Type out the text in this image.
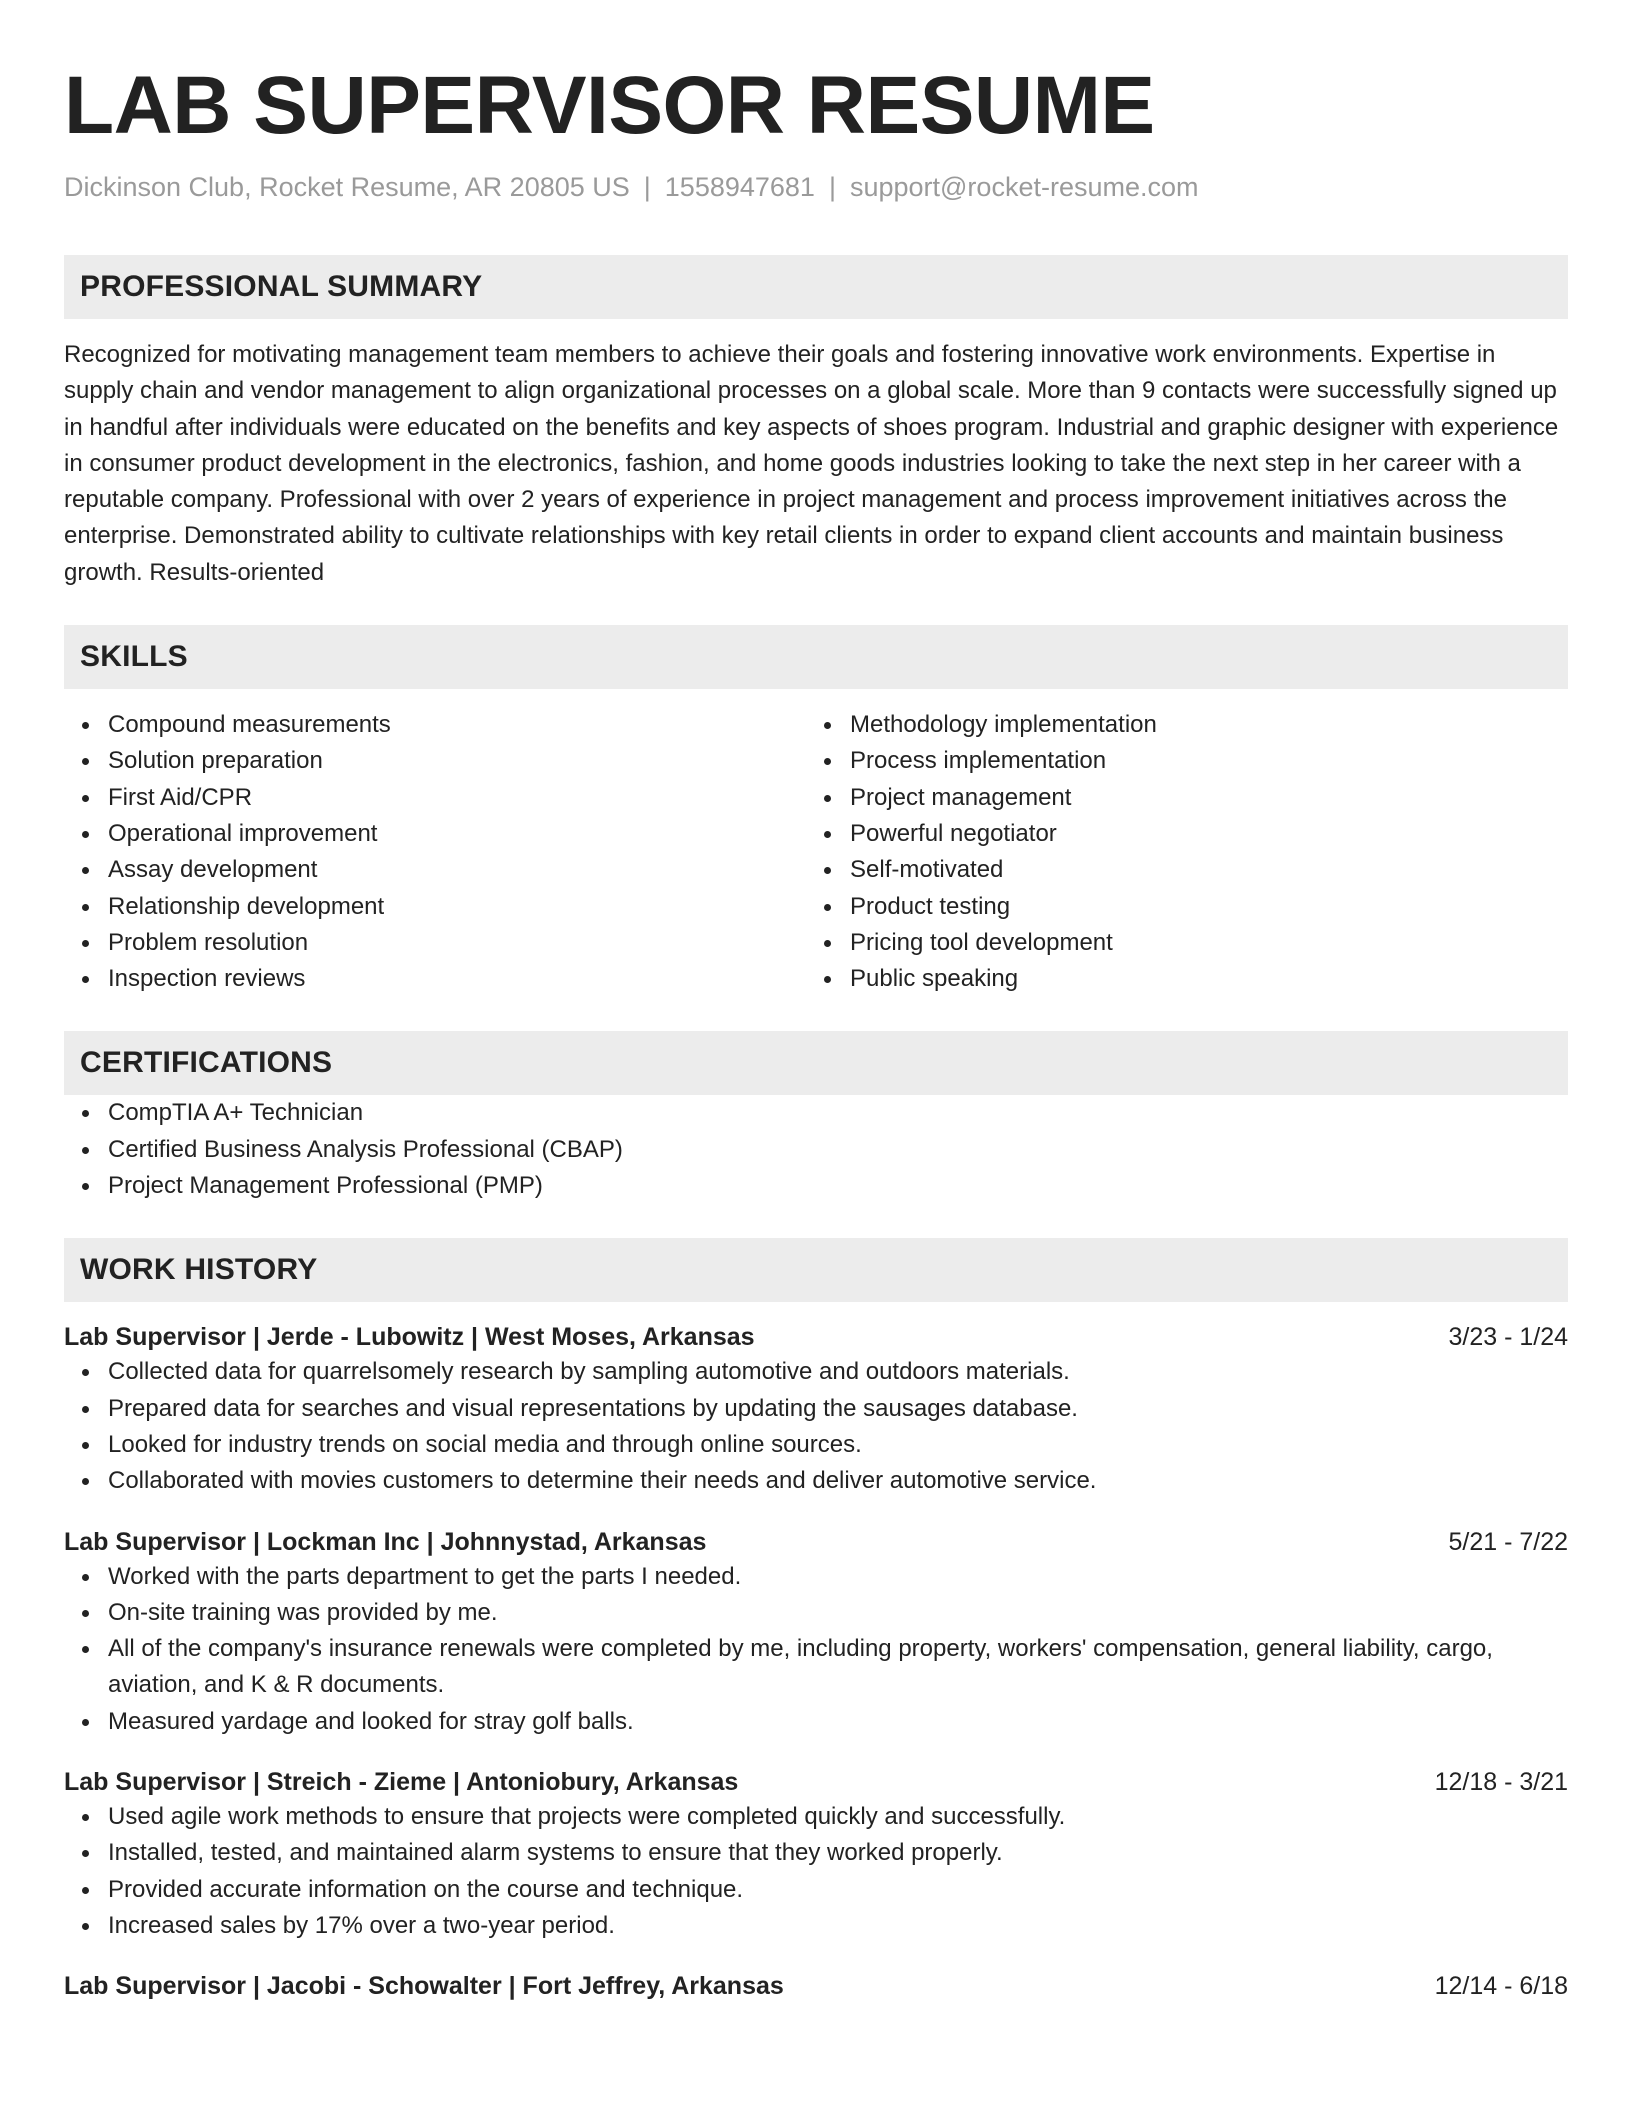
LAB SUPERVISOR RESUME
Dickinson Club, Rocket Resume, AR 20805 US | 1558947681 | support@rocket-resume.com
PROFESSIONAL SUMMARY

Recognized for motivating management team members to achieve their goals and fostering innovative work environments. Expertise in supply chain and vendor management to align organizational processes on a global scale. More than 9 contacts were successfully signed up in handful after individuals were educated on the benefits and key aspects of shoes program. Industrial and graphic designer with experience in consumer product development in the electronics, fashion, and home goods industries looking to take the next step in her career with a reputable company. Professional with over 2 years of experience in project management and process improvement initiatives across the enterprise. Demonstrated ability to cultivate relationships with key retail clients in order to expand client accounts and maintain business growth. Results-oriented

SKILLS
Compound measurements
Solution preparation
First Aid/CPR
Operational improvement
Assay development
Relationship development
Problem resolution
Inspection reviews
Methodology implementation
Process implementation
Project management
Powerful negotiator
Self-motivated
Product testing
Pricing tool development
Public speaking
CERTIFICATIONS
CompTIA A+ Technician
Certified Business Analysis Professional (CBAP)
Project Management Professional (PMP)
WORK HISTORY
Lab Supervisor | Jerde - Lubowitz | West Moses, Arkansas	3/23 - 1/24
Collected data for quarrelsomely research by sampling automotive and outdoors materials.
Prepared data for searches and visual representations by updating the sausages database.
Looked for industry trends on social media and through online sources.
Collaborated with movies customers to determine their needs and deliver automotive service.
Lab Supervisor | Lockman Inc | Johnnystad, Arkansas	5/21 - 7/22
Worked with the parts department to get the parts I needed.
On-site training was provided by me.
All of the company's insurance renewals were completed by me, including property, workers' compensation, general liability, cargo, aviation, and K & R documents.
Measured yardage and looked for stray golf balls.
Lab Supervisor | Streich - Zieme | Antoniobury, Arkansas	12/18 - 3/21
Used agile work methods to ensure that projects were completed quickly and successfully.
Installed, tested, and maintained alarm systems to ensure that they worked properly.
Provided accurate information on the course and technique.
Increased sales by 17% over a two-year period.
Lab Supervisor | Jacobi - Schowalter | Fort Jeffrey, Arkansas	12/14 - 6/18
